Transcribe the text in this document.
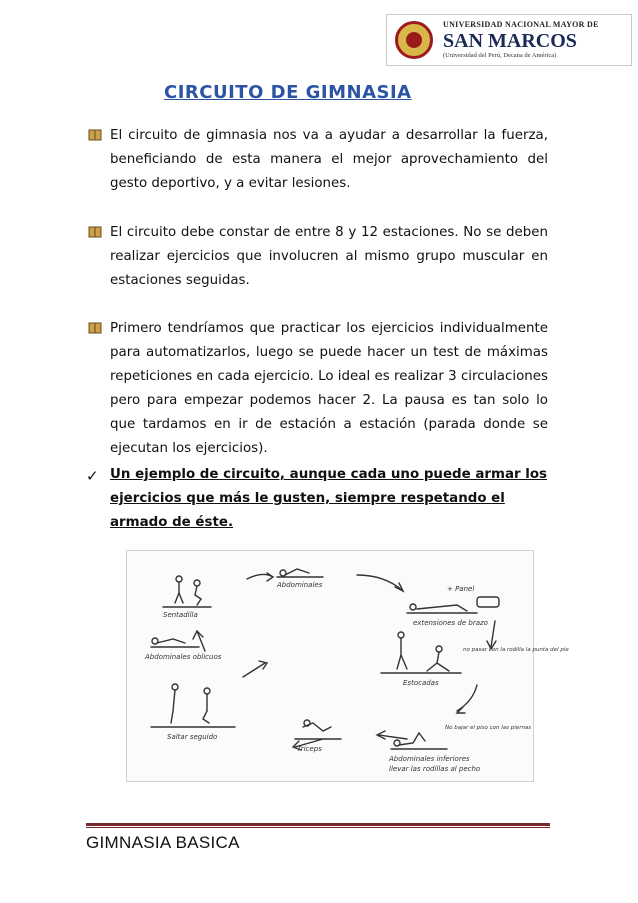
UNIVERSIDAD NACIONAL MAYOR DE
SAN MARCOS
(Universidad del Perú, Decana de América)
CIRCUITO DE GIMNASIA
El circuito de gimnasia nos va a ayudar a desarrollar la fuerza, beneficiando de esta manera el mejor aprovechamiento del gesto deportivo, y a evitar lesiones.
El circuito debe constar de entre 8 y 12 estaciones. No se deben realizar ejercicios que involucren al mismo grupo muscular en estaciones seguidas.
Primero tendríamos que practicar los ejercicios individualmente para automatizarlos, luego se puede hacer un test de máximas repeticiones en cada ejercicio. Lo ideal es realizar 3 circulaciones pero para empezar podemos hacer 2. La pausa es tan solo lo que tardamos en ir de estación a estación (parada donde se ejecutan los ejercicios).
✓ Un ejemplo de circuito, aunque cada uno puede armar los ejercicios que más le gusten, siempre respetando el armado de éste.
Sentadilla
Abdominales	+ Panel
extensiones de brazo
Estocadas
Abdominales oblicuos
Saltar seguido
Triceps
Abdominales inferiores
llevar las rodillas al pecho
No bajar el piso con las piernas
no pasar con la rodilla la punta del pie
GIMNASIA BASICA
